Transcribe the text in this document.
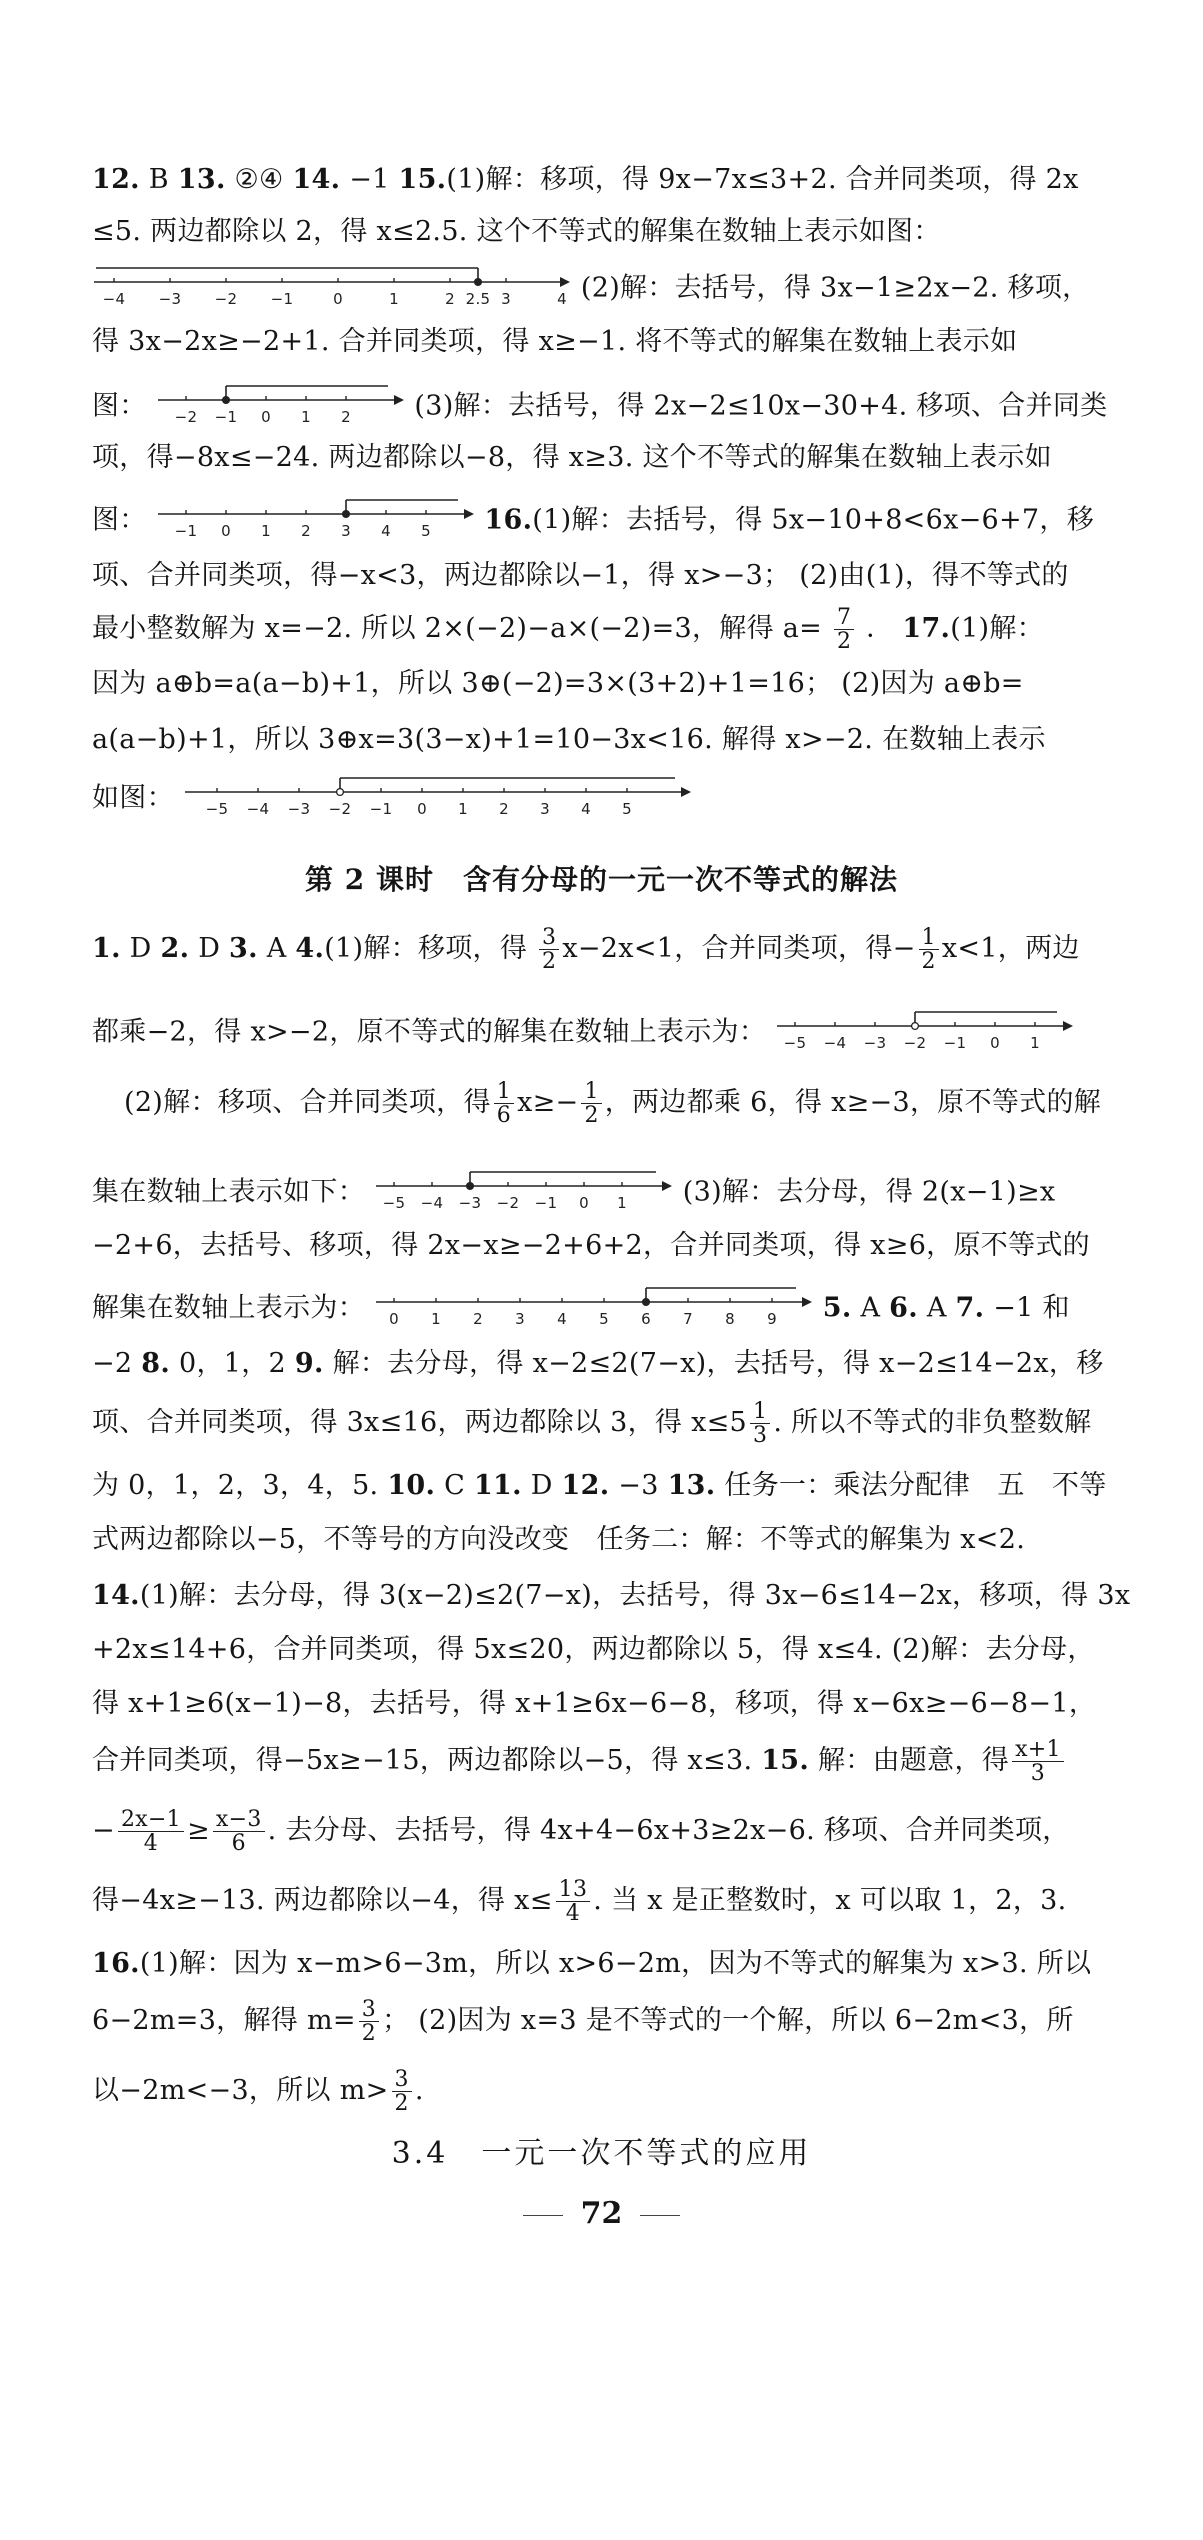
12. B 13. ②④ 14. −1 15.(1)解：移项，得 9x−7x≤3+2. 合并同类项，得 2x
≤5. 两边都除以 2，得 x≤2.5. 这个不等式的解集在数轴上表示如图：
−4 −3 −2 −1	0	1	2 2.5 3	4 (2)解：去括号，得 3x−1≥2x−2. 移项，
得 3x−2x≥−2+1. 合并同类项，得 x≥−1. 将不等式的解集在数轴上表示如
图： −2 −1 0 1 2 (3)解：去括号，得 2x−2≤10x−30+4. 移项、合并同类
项，得−8x≤−24. 两边都除以−8，得 x≥3. 这个不等式的解集在数轴上表示如
图： −1 0 1 2 3 4 5 16.(1)解：去括号，得 5x−10+8<6x−6+7，移
项、合并同类项，得−x<3，两边都除以−1，得 x>−3； (2)由(1)，得不等式的
最小整数解为 x=−2. 所以 2×(−2)−a×(−2)=3，解得 $a= \frac{7}{2}$ ． 17.(1)解：
因为 a⊕b=a(a−b)+1，所以 3⊕(−2)=3×(3+2)+1=16； (2)因为 a⊕b=
a(a−b)+1，所以 3⊕x=3(3−x)+1=10−3x<16. 解得 x>−2. 在数轴上表示
如图： −5 −4 −3 −2 −1 0 1 2 3 4 5
第 2 课时　含有分母的一元一次不等式的解法
1. D 2. D 3. A 4.(1)解：移项，得 $\frac{3}{2} x-2x<1$，合并同类项，得− $\frac{1}{2} x<1$，两边
都乘−2，得 x>−2，原不等式的解集在数轴上表示为： −5 −4 −3 −2 −1 0 1
(2)解：移项、合并同类项，得 $\frac{1}{6} x\ge- \frac{1}{2}$ ，两边都乘 6，得 x≥−3，原不等式的解
集在数轴上表示如下： −5 −4 −3 −2 −1 0 1 (3)解：去分母，得 2(x−1)≥x
−2+6，去括号、移项，得 2x−x≥−2+6+2，合并同类项，得 x≥6，原不等式的
解集在数轴上表示为： 0 1 2 3 4 5 6 7 8 9 5. A 6. A 7. −1 和
−2 8. 0，1，2 9. 解：去分母，得 x−2≤2(7−x)，去括号，得 x−2≤14−2x，移
项、合并同类项，得 3x≤16，两边都除以 3，得 $x\le 5 \frac{1}{3}$ . 所以不等式的非负整数解
为 0，1，2，3，4，5. 10. C 11. D 12. −3 13. 任务一：乘法分配律　五　不等
式两边都除以−5，不等号的方向没改变　任务二：解：不等式的解集为 x<2.
14.(1)解：去分母，得 3(x−2)≤2(7−x)，去括号，得 3x−6≤14−2x，移项，得 3x
+2x≤14+6，合并同类项，得 5x≤20，两边都除以 5，得 x≤4. (2)解：去分母，
得 x+1≥6(x−1)−8，去括号，得 x+1≥6x−6−8，移项，得 x−6x≥−6−8−1，
合并同类项，得−5x≥−15，两边都除以−5，得 x≤3. 15. 解：由题意，得 $\frac{x+1}{3}$
− $\frac{2x-1}{4} \ge \frac{x-3}{6}$ . 去分母、去括号，得 4x+4−6x+3≥2x−6. 移项、合并同类项，
得−4x≥−13. 两边都除以−4，得 $x\le \frac{13}{4}$ . 当 x 是正整数时，x 可以取 1，2，3.
16.(1)解：因为 x−m>6−3m，所以 x>6−2m，因为不等式的解集为 x>3. 所以
6−2m=3，解得 $m= \frac{3}{2}$ ； (2)因为 x=3 是不等式的一个解，所以 6−2m<3，所
以−2m<−3，所以 $m> \frac{3}{2}$ .
3.4　一元一次不等式的应用
72
